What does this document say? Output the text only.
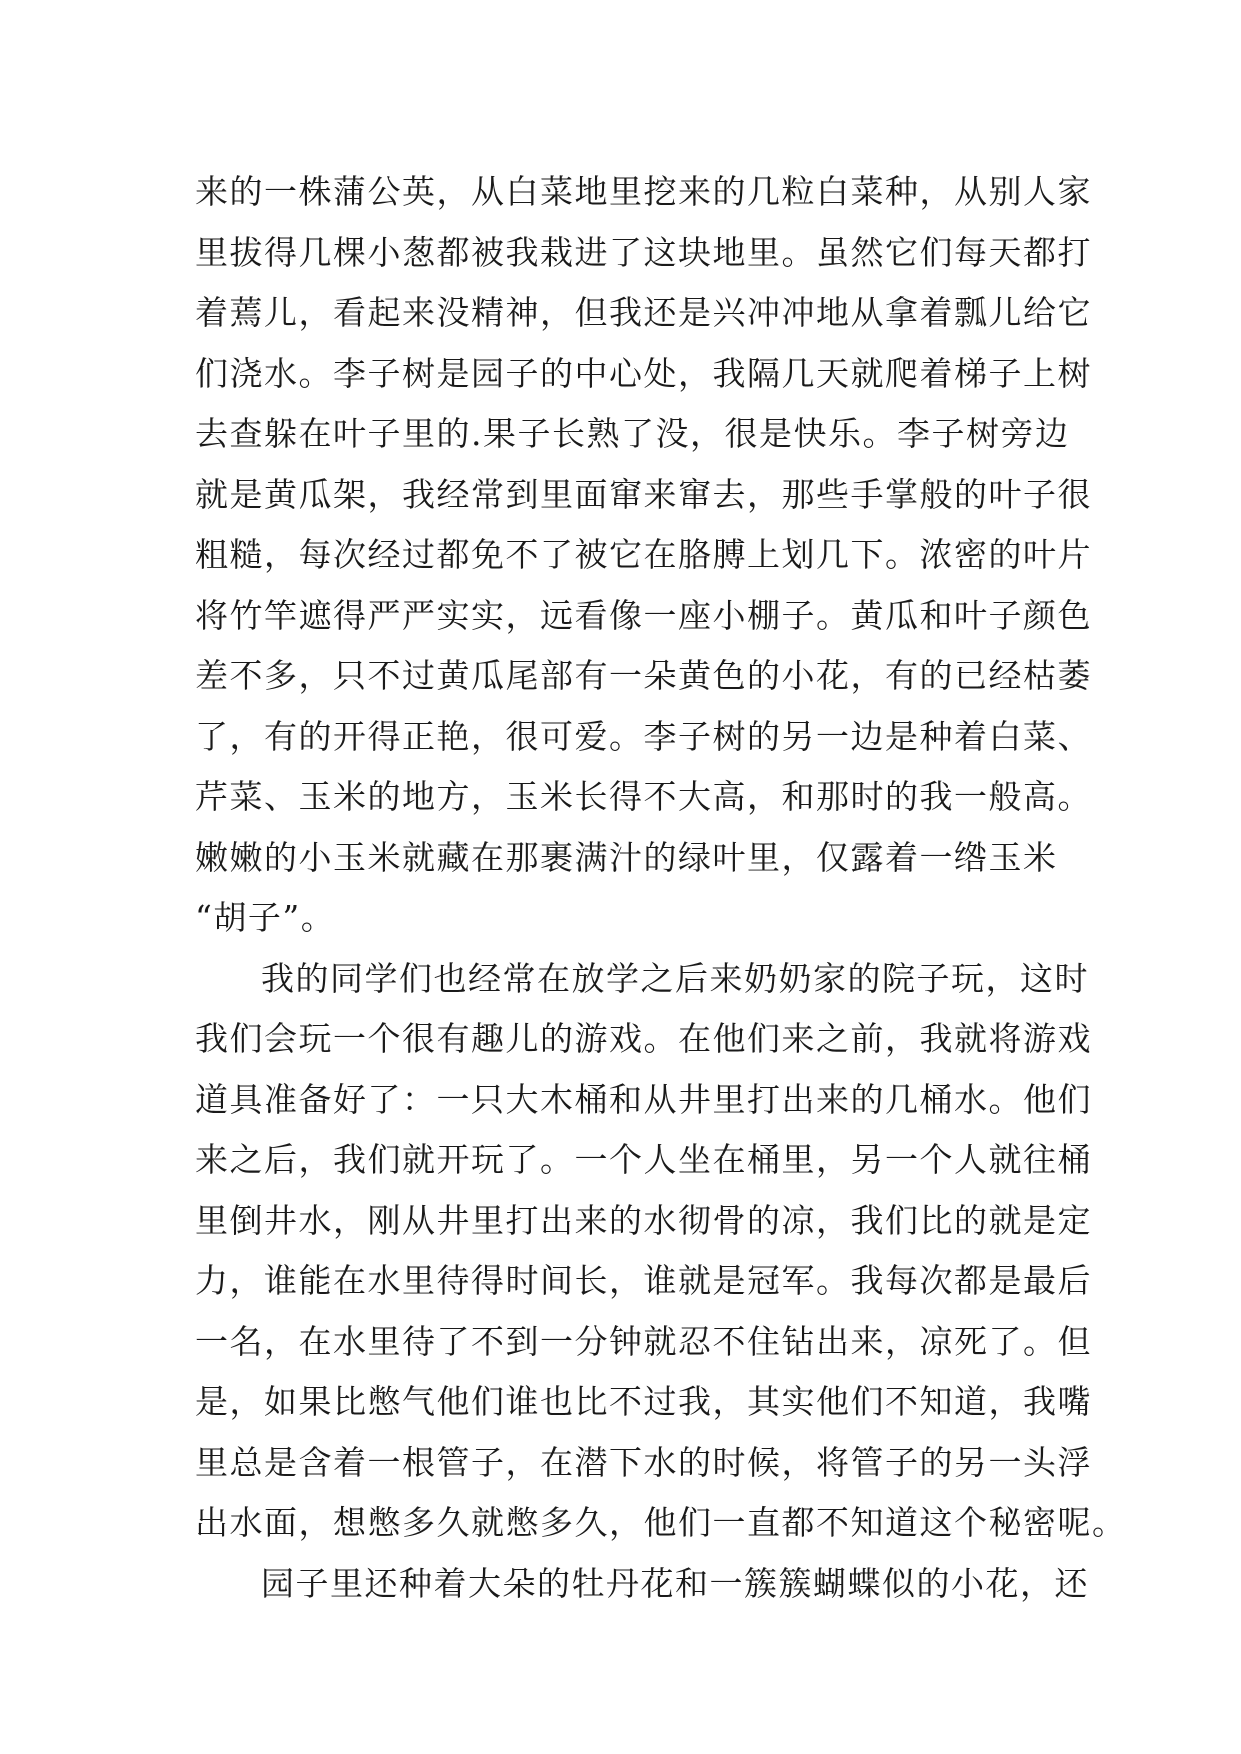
来的一株蒲公英，从白菜地里挖来的几粒白菜种，从别人家
里拔得几棵小葱都被我栽进了这块地里。虽然它们每天都打
着蔫儿，看起来没精神，但我还是兴冲冲地从拿着瓢儿给它
们浇水。李子树是园子的中心处，我隔几天就爬着梯子上树
去查躲在叶子里的.果子长熟了没，很是快乐。李子树旁边
就是黄瓜架，我经常到里面窜来窜去，那些手掌般的叶子很
粗糙，每次经过都免不了被它在胳膊上划几下。浓密的叶片
将竹竿遮得严严实实，远看像一座小棚子。黄瓜和叶子颜色
差不多，只不过黄瓜尾部有一朵黄色的小花，有的已经枯萎
了，有的开得正艳，很可爱。李子树的另一边是种着白菜、
芹菜、玉米的地方，玉米长得不大高，和那时的我一般高。
嫩嫩的小玉米就藏在那裹满汁的绿叶里，仅露着一绺玉米
“胡子”。
我的同学们也经常在放学之后来奶奶家的院子玩，这时
我们会玩一个很有趣儿的游戏。在他们来之前，我就将游戏
道具准备好了：一只大木桶和从井里打出来的几桶水。他们
来之后，我们就开玩了。一个人坐在桶里，另一个人就往桶
里倒井水，刚从井里打出来的水彻骨的凉，我们比的就是定
力，谁能在水里待得时间长，谁就是冠军。我每次都是最后
一名，在水里待了不到一分钟就忍不住钻出来，凉死了。但
是，如果比憋气他们谁也比不过我，其实他们不知道，我嘴
里总是含着一根管子，在潜下水的时候，将管子的另一头浮
出水面，想憋多久就憋多久，他们一直都不知道这个秘密呢。
园子里还种着大朵的牡丹花和一簇簇蝴蝶似的小花，还
